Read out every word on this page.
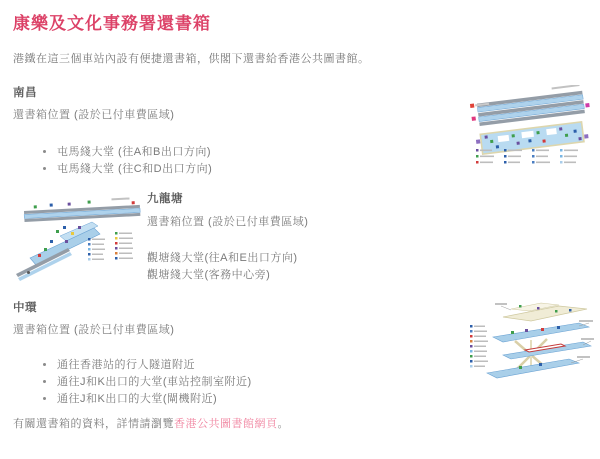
康樂及文化事務署還書箱

港鐵在這三個車站內設有便捷還書箱，供閣下還書給香港公共圖書館。

南昌

還書箱位置 (設於已付車費區域)

屯馬綫大堂 (往A和B出口方向)
屯馬綫大堂 (往C和D出口方向)
九龍塘

還書箱位置 (設於已付車費區域)

觀塘綫大堂(往A和E出口方向)

觀塘綫大堂(客務中心旁)

中環

還書箱位置 (設於已付車費區域)

通往香港站的行人隧道附近
通往J和K出口的大堂(車站控制室附近)
通往J和K出口的大堂(閘機附近)

有關還書箱的資料，詳情請瀏覽香港公共圖書館網頁。
